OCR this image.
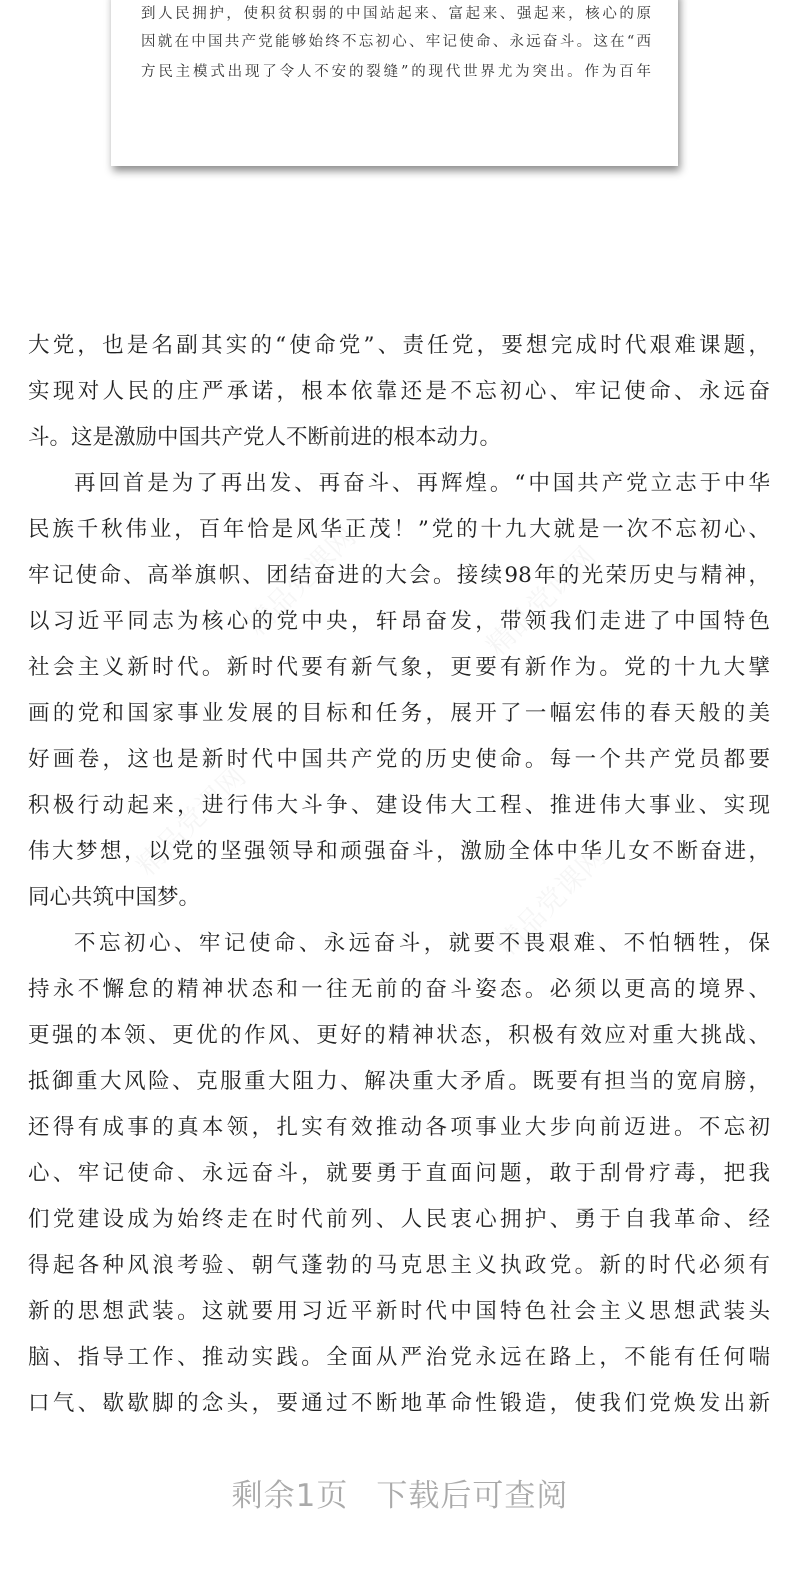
到人民拥护，使积贫积弱的中国站起来、富起来、强起来，核心的原
因就在中国共产党能够始终不忘初心、牢记使命、永远奋斗。这在“西
方民主模式出现了令人不安的裂缝”的现代世界尤为突出。作为百年
大党，也是名副其实的“使命党”、责任党，要想完成时代艰难课题，
实现对人民的庄严承诺，根本依靠还是不忘初心、牢记使命、永远奋
斗。这是激励中国共产党人不断前进的根本动力。
再回首是为了再出发、再奋斗、再辉煌。“中国共产党立志于中华
民族千秋伟业，百年恰是风华正茂！”党的十九大就是一次不忘初心、
牢记使命、高举旗帜、团结奋进的大会。接续98年的光荣历史与精神，
以习近平同志为核心的党中央，轩昂奋发，带领我们走进了中国特色
社会主义新时代。新时代要有新气象，更要有新作为。党的十九大擘
画的党和国家事业发展的目标和任务，展开了一幅宏伟的春天般的美
好画卷，这也是新时代中国共产党的历史使命。每一个共产党员都要
积极行动起来，进行伟大斗争、建设伟大工程、推进伟大事业、实现
伟大梦想，以党的坚强领导和顽强奋斗，激励全体中华儿女不断奋进，
同心共筑中国梦。
不忘初心、牢记使命、永远奋斗，就要不畏艰难、不怕牺牲，保
持永不懈怠的精神状态和一往无前的奋斗姿态。必须以更高的境界、
更强的本领、更优的作风、更好的精神状态，积极有效应对重大挑战、
抵御重大风险、克服重大阻力、解决重大矛盾。既要有担当的宽肩膀，
还得有成事的真本领，扎实有效推动各项事业大步向前迈进。不忘初
心、牢记使命、永远奋斗，就要勇于直面问题，敢于刮骨疗毒，把我
们党建设成为始终走在时代前列、人民衷心拥护、勇于自我革命、经
得起各种风浪考验、朝气蓬勃的马克思主义执政党。新的时代必须有
新的思想武装。这就要用习近平新时代中国特色社会主义思想武装头
脑、指导工作、推动实践。全面从严治党永远在路上，不能有任何喘
口气、歇歇脚的念头，要通过不断地革命性锻造，使我们党焕发出新
剩余1页 下载后可查阅
